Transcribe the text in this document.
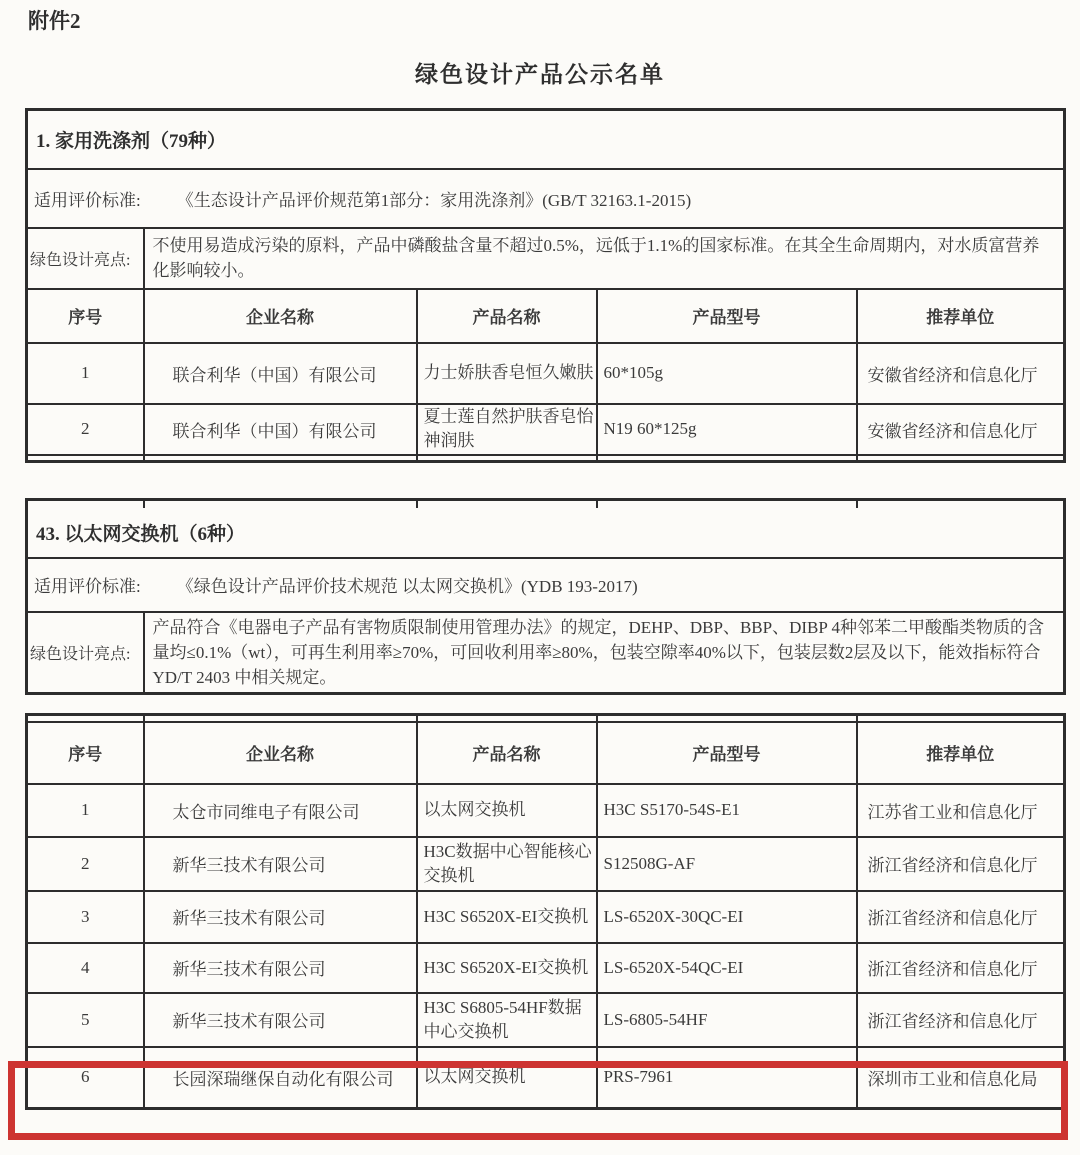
附件2
绿色设计产品公示名单
1. 家用洗涤剂（79种）				
适用评价标准: 《生态设计产品评价规范第1部分：家用洗涤剂》(GB/T 32163.1-2015)				
绿色设计亮点:	不使用易造成污染的原料，产品中磷酸盐含量不超过0.5%，远低于1.1%的国家标准。在其全生命周期内，对水质富营养化影响较小。			
序号	企业名称	产品名称	产品型号	推荐单位
1	联合利华（中国）有限公司	力士娇肤香皂恒久嫩肤	60*105g	安徽省经济和信息化厅
2	联合利华（中国）有限公司	夏士莲自然护肤香皂怡神润肤	N19 60*125g	安徽省经济和信息化厅

43. 以太网交换机（6种）				
适用评价标准: 《绿色设计产品评价技术规范 以太网交换机》(YDB 193-2017)				
绿色设计亮点:	产品符合《电器电子产品有害物质限制使用管理办法》的规定，DEHP、DBP、BBP、DIBP 4种邻苯二甲酸酯类物质的含量均≤0.1%（wt），可再生利用率≥70%，可回收利用率≥80%，包装空隙率40%以下，包装层数2层及以下，能效指标符合YD/T 2403 中相关规定。			

序号	企业名称	产品名称	产品型号	推荐单位
1	太仓市同维电子有限公司	以太网交换机	H3C S5170-54S-E1	江苏省工业和信息化厅
2	新华三技术有限公司	H3C数据中心智能核心交换机	S12508G-AF	浙江省经济和信息化厅
3	新华三技术有限公司	H3C S6520X-EI交换机	LS-6520X-30QC-EI	浙江省经济和信息化厅
4	新华三技术有限公司	H3C S6520X-EI交换机	LS-6520X-54QC-EI	浙江省经济和信息化厅
5	新华三技术有限公司	H3C S6805-54HF数据中心交换机	LS-6805-54HF	浙江省经济和信息化厅
6	长园深瑞继保自动化有限公司	以太网交换机	PRS-7961	深圳市工业和信息化局
